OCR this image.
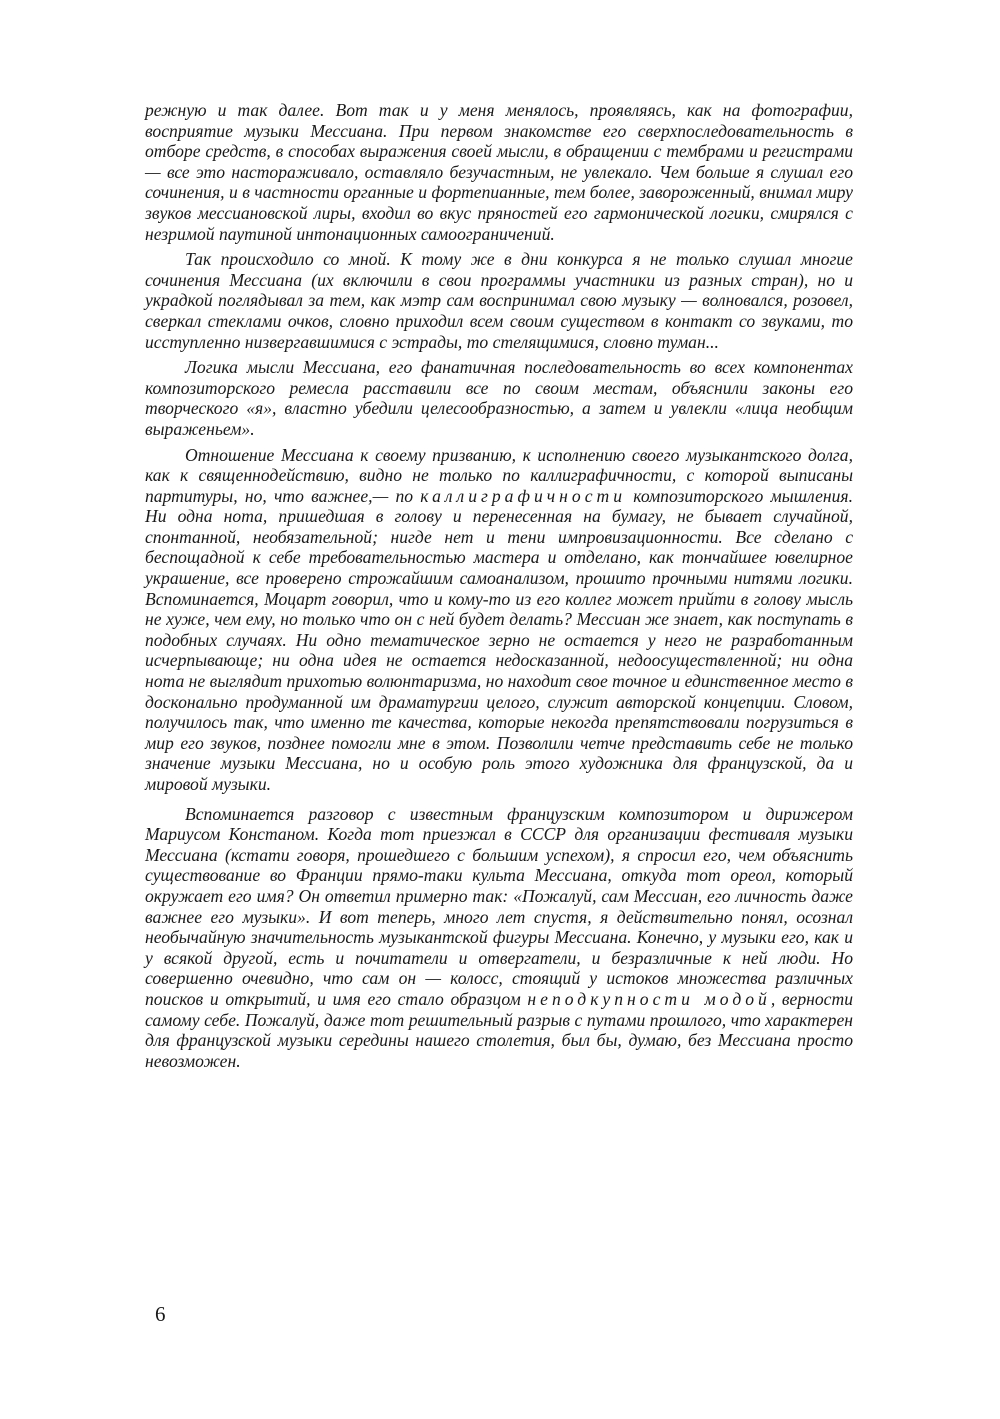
режную и так далее. Вот так и у меня менялось, проявляясь, как на фотографии, восприятие музыки Мессиана. При первом знакомстве его сверхпоследовательность в отборе средств, в способах выражения своей мысли, в обращении с тембрами и регистрами — все это настораживало, оставляло безучастным, не увлекало. Чем больше я слушал его сочинения, и в частности органные и фортепианные, тем более, завороженный, внимал миру звуков мессиановской лиры, входил во вкус пряностей его гармонической логики, смирялся с незримой паутиной интонационных самоограничений.

Так происходило со мной. К тому же в дни конкурса я не только слушал многие сочинения Мессиана (их включили в свои программы участники из разных стран), но и украдкой поглядывал за тем, как мэтр сам воспринимал свою музыку — волновался, розовел, сверкал стеклами очков, словно приходил всем своим существом в контакт со звуками, то исступленно низвергавшимися с эстрады, то стелящимися, словно туман...

Логика мысли Мессиана, его фанатичная последовательность во всех компонентах композиторского ремесла расставили все по своим местам, объяснили законы его творческого «я», властно убедили целесообразностью, а затем и увлекли «лица необщим выраженьем».

Отношение Мессиана к своему призванию, к исполнению своего музыкантского долга, как к священнодействию, видно не только по каллиграфичности, с которой выписаны партитуры, но, что важнее,— по каллиграфичности композиторского мышления. Ни одна нота, пришедшая в голову и перенесенная на бумагу, не бывает случайной, спонтанной, необязательной; нигде нет и тени импровизационности. Все сделано с беспощадной к себе требовательностью мастера и отделано, как тончайшее ювелирное украшение, все проверено строжайшим самоанализом, прошито прочными нитями логики. Вспоминается, Моцарт говорил, что и кому-то из его коллег может прийти в голову мысль не хуже, чем ему, но только что он с ней будет делать? Мессиан же знает, как поступать в подобных случаях. Ни одно тематическое зерно не остается у него не разработанным исчерпывающе; ни одна идея не остается недосказанной, недоосуществленной; ни одна нота не выглядит прихотью волюнтаризма, но находит свое точное и единственное место в досконально продуманной им драматургии целого, служит авторской концепции. Словом, получилось так, что именно те качества, которые некогда препятствовали погрузиться в мир его звуков, позднее помогли мне в этом. Позволили четче представить себе не только значение музыки Мессиана, но и особую роль этого художника для французской, да и мировой музыки.

Вспоминается разговор с известным французским композитором и дирижером Мариусом Констаном. Когда тот приезжал в СССР для организации фестиваля музыки Мессиана (кстати говоря, прошедшего с большим успехом), я спросил его, чем объяснить существование во Франции прямо-таки культа Мессиана, откуда тот ореол, который окружает его имя? Он ответил примерно так: «Пожалуй, сам Мессиан, его личность даже важнее его музыки». И вот теперь, много лет спустя, я действительно понял, осознал необычайную значительность музыкантской фигуры Мессиана. Конечно, у музыки его, как и у всякой другой, есть и почитатели и отвергатели, и безразличные к ней люди. Но совершенно очевидно, что сам он — колосс, стоящий у истоков множества различных поисков и открытий, и имя его стало образцом неподкупности модой, верности самому себе. Пожалуй, даже тот решительный разрыв с путами прошлого, что характерен для французской музыки середины нашего столетия, был бы, думаю, без Мессиана просто невозможен.

6
